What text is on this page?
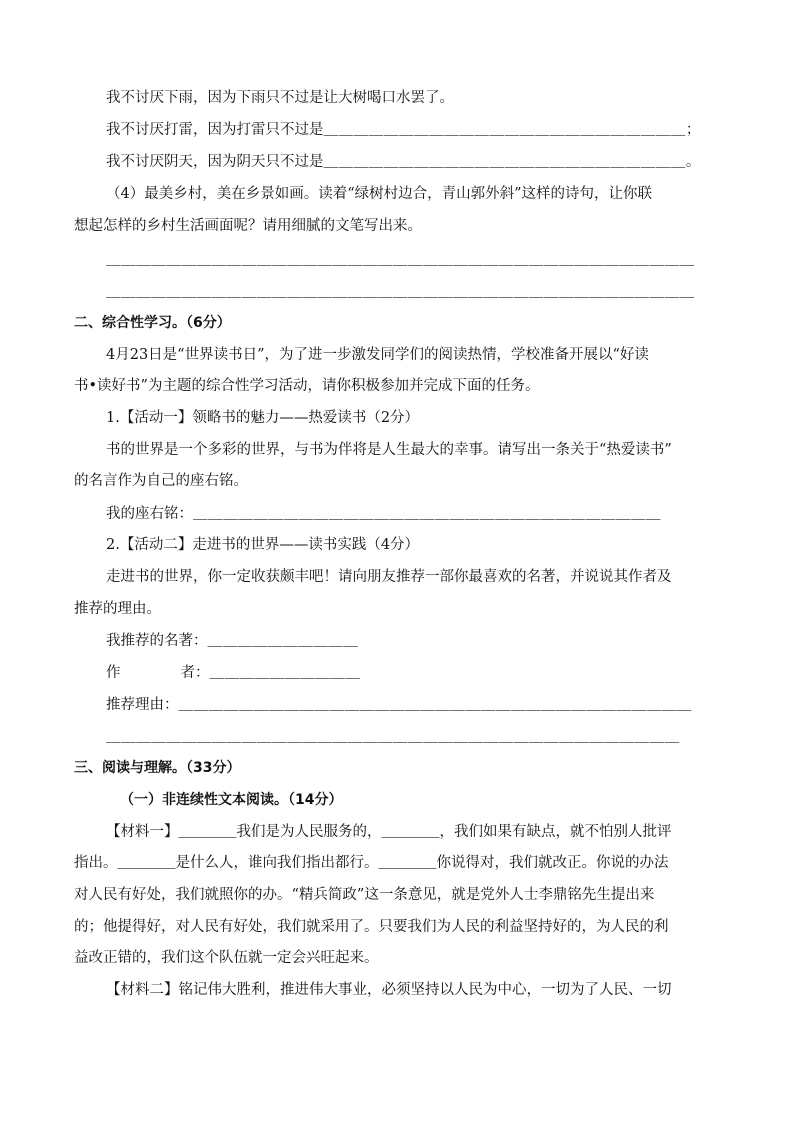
我不讨厌下雨，因为下雨只不过是让大树喝口水罢了。
我不讨厌打雷，因为打雷只不过是＿＿＿＿＿＿＿＿＿＿＿＿＿＿＿＿＿＿＿＿＿＿＿＿；
我不讨厌阴天，因为阴天只不过是＿＿＿＿＿＿＿＿＿＿＿＿＿＿＿＿＿＿＿＿＿＿＿＿。
（4）最美乡村，美在乡景如画。读着“绿树村边合，青山郭外斜”这样的诗句，让你联
想起怎样的乡村生活画面呢？请用细腻的文笔写出来。
＿＿＿＿＿＿＿＿＿＿＿＿＿＿＿＿＿＿＿＿＿＿＿＿＿＿＿＿＿＿＿＿＿＿＿＿＿＿＿
＿＿＿＿＿＿＿＿＿＿＿＿＿＿＿＿＿＿＿＿＿＿＿＿＿＿＿＿＿＿＿＿＿＿＿＿＿＿＿
二、综合性学习。（6分）
4月23日是“世界读书日”，为了进一步激发同学们的阅读热情，学校准备开展以“好读
书•读好书”为主题的综合性学习活动，请你积极参加并完成下面的任务。
1.【活动一】领略书的魅力——热爱读书（2分）
书的世界是一个多彩的世界，与书为伴将是人生最大的幸事。请写出一条关于“热爱读书”
的名言作为自己的座右铭。
我的座右铭：＿＿＿＿＿＿＿＿＿＿＿＿＿＿＿＿＿＿＿＿＿＿＿＿＿＿＿＿＿＿＿
2.【活动二】走进书的世界——读书实践（4分）
走进书的世界，你一定收获颇丰吧！请向朋友推荐一部你最喜欢的名著，并说说其作者及
推荐的理由。
我推荐的名著：＿＿＿＿＿＿＿＿＿＿
作	者：＿＿＿＿＿＿＿＿＿＿
推荐理由：＿＿＿＿＿＿＿＿＿＿＿＿＿＿＿＿＿＿＿＿＿＿＿＿＿＿＿＿＿＿＿＿＿＿
＿＿＿＿＿＿＿＿＿＿＿＿＿＿＿＿＿＿＿＿＿＿＿＿＿＿＿＿＿＿＿＿＿＿＿＿＿＿
三、阅读与理解。（33分）
（一）非连续性文本阅读。（14分）
【材料一】＿＿＿＿我们是为人民服务的，＿＿＿＿，我们如果有缺点，就不怕别人批评
指出。＿＿＿＿是什么人，谁向我们指出都行。＿＿＿＿你说得对，我们就改正。你说的办法
对人民有好处，我们就照你的办。“精兵简政”这一条意见，就是党外人士李鼎铭先生提出来
的；他提得好，对人民有好处，我们就采用了。只要我们为人民的利益坚持好的，为人民的利
益改正错的，我们这个队伍就一定会兴旺起来。
【材料二】铭记伟大胜利，推进伟大事业，必须坚持以人民为中心，一切为了人民、一切
